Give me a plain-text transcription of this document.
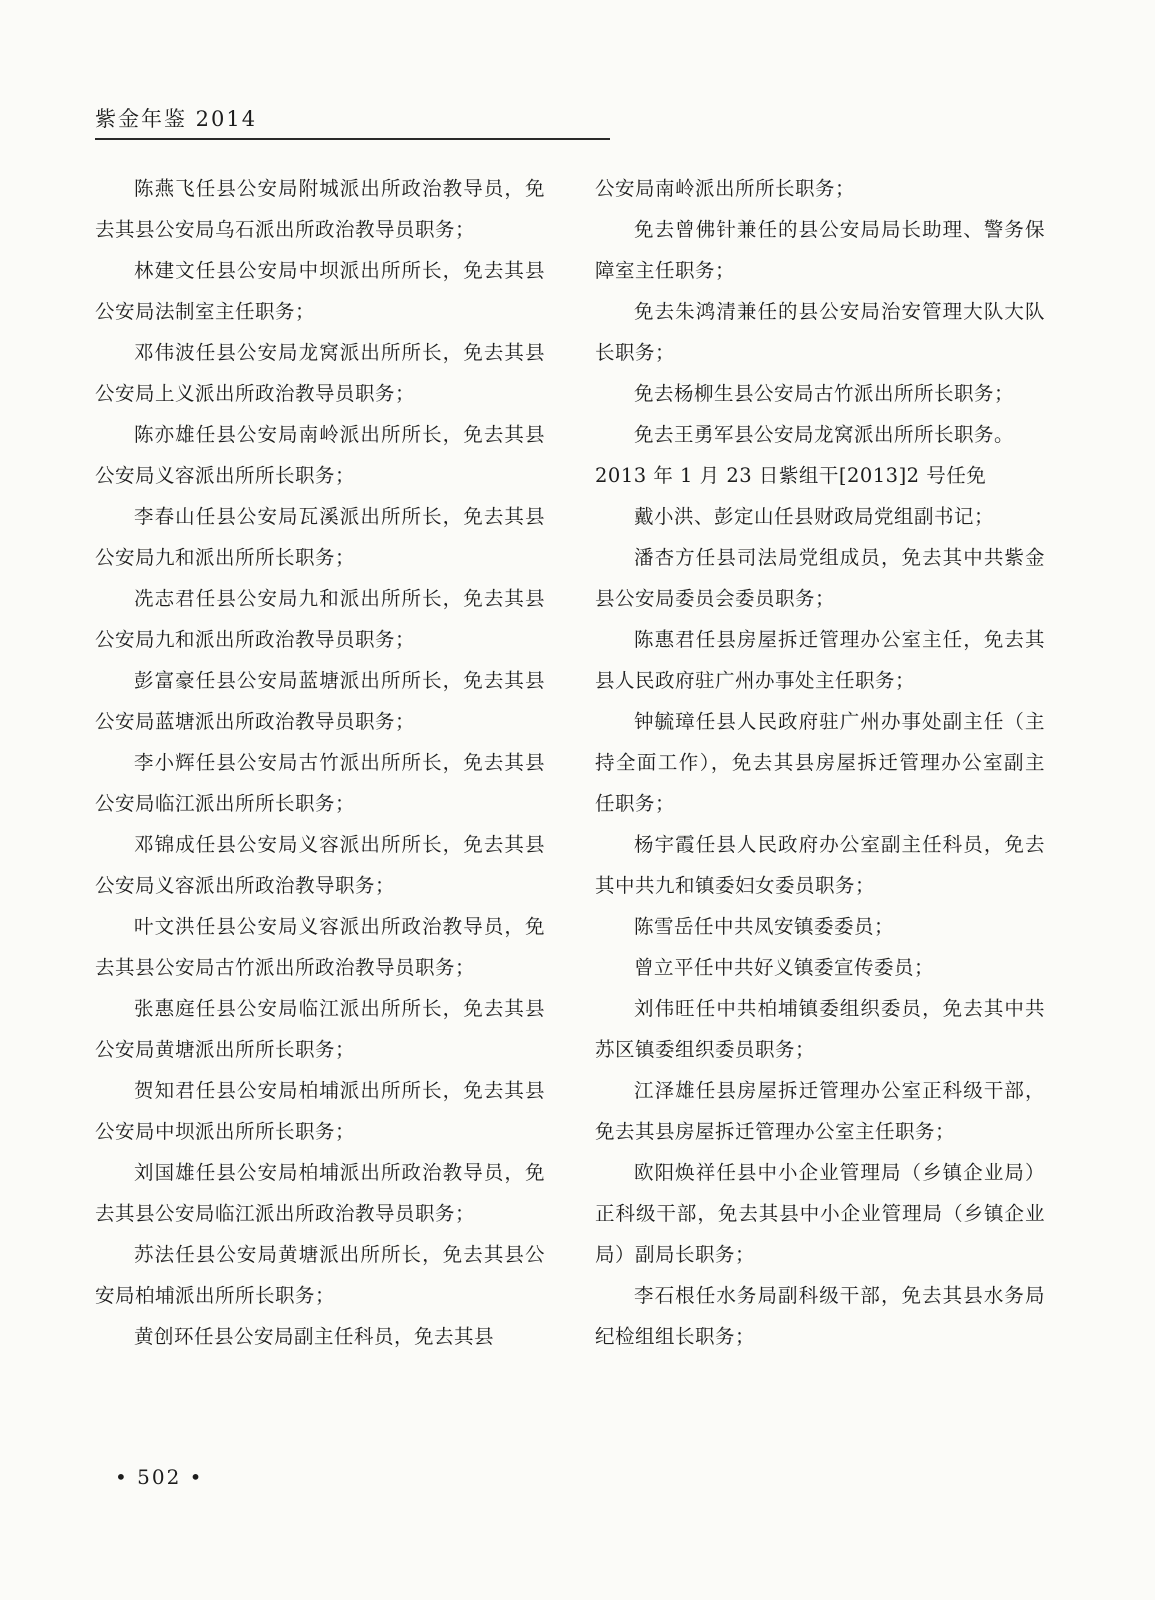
紫金年鉴 2014

陈燕飞任县公安局附城派出所政治教导员，免去其县公安局乌石派出所政治教导员职务；

林建文任县公安局中坝派出所所长，免去其县公安局法制室主任职务；

邓伟波任县公安局龙窝派出所所长，免去其县公安局上义派出所政治教导员职务；

陈亦雄任县公安局南岭派出所所长，免去其县公安局义容派出所所长职务；

李春山任县公安局瓦溪派出所所长，免去其县公安局九和派出所所长职务；

冼志君任县公安局九和派出所所长，免去其县公安局九和派出所政治教导员职务；

彭富豪任县公安局蓝塘派出所所长，免去其县公安局蓝塘派出所政治教导员职务；

李小辉任县公安局古竹派出所所长，免去其县公安局临江派出所所长职务；

邓锦成任县公安局义容派出所所长，免去其县公安局义容派出所政治教导职务；

叶文洪任县公安局义容派出所政治教导员，免去其县公安局古竹派出所政治教导员职务；

张惠庭任县公安局临江派出所所长，免去其县公安局黄塘派出所所长职务；

贺知君任县公安局柏埔派出所所长，免去其县公安局中坝派出所所长职务；

刘国雄任县公安局柏埔派出所政治教导员，免去其县公安局临江派出所政治教导员职务；

苏法任县公安局黄塘派出所所长，免去其县公安局柏埔派出所所长职务；

黄创环任县公安局副主任科员，免去其县

公安局南岭派出所所长职务；

免去曾佛针兼任的县公安局局长助理、警务保障室主任职务；

免去朱鸿清兼任的县公安局治安管理大队大队长职务；

免去杨柳生县公安局古竹派出所所长职务；

免去王勇军县公安局龙窝派出所所长职务。

2013 年 1 月 23 日紫组干[2013]2 号任免

戴小洪、彭定山任县财政局党组副书记；

潘杏方任县司法局党组成员，免去其中共紫金县公安局委员会委员职务；

陈惠君任县房屋拆迁管理办公室主任，免去其县人民政府驻广州办事处主任职务；

钟毓璋任县人民政府驻广州办事处副主任（主持全面工作），免去其县房屋拆迁管理办公室副主任职务；

杨宇霞任县人民政府办公室副主任科员，免去其中共九和镇委妇女委员职务；

陈雪岳任中共凤安镇委委员；

曾立平任中共好义镇委宣传委员；

刘伟旺任中共柏埔镇委组织委员，免去其中共苏区镇委组织委员职务；

江泽雄任县房屋拆迁管理办公室正科级干部，免去其县房屋拆迁管理办公室主任职务；

欧阳焕祥任县中小企业管理局（乡镇企业局）正科级干部，免去其县中小企业管理局（乡镇企业局）副局长职务；

李石根任水务局副科级干部，免去其县水务局纪检组组长职务；

• 502 •
